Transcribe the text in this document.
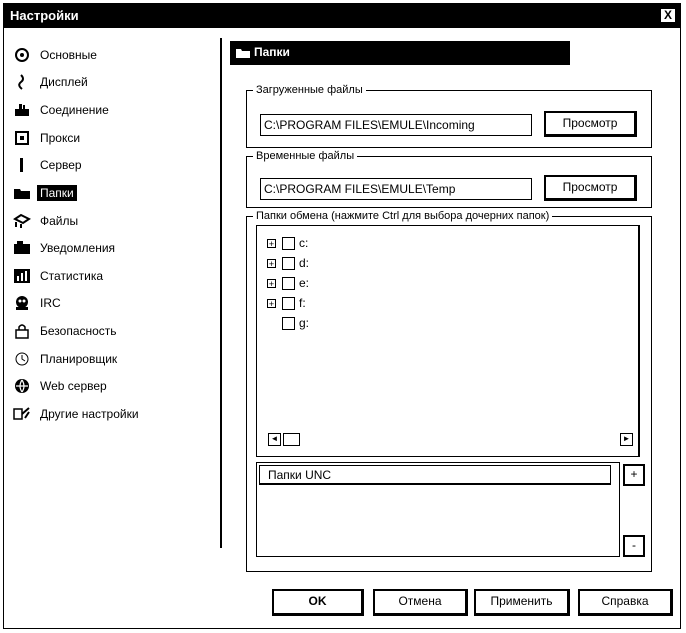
Настройки	X
Основные
Дисплей
Соединение
Прокси
Сервер
Папки
Файлы
Уведомления
Статистика
IRC
Безопасность
Планировщик
Web сервер
Другие настройки
Папки
Загруженные файлы
C:\PROGRAM FILES\EMULE\Incoming	Просмотр
Временные файлы
C:\PROGRAM FILES\EMULE\Temp	Просмотр
Папки обмена (нажмите Ctrl для выбора дочерних папок)
+ c:
+ d:
+ e:
+ f:
g:
◄	►
Папки UNC	+
-
OK	Отмена	Применить	Справка
